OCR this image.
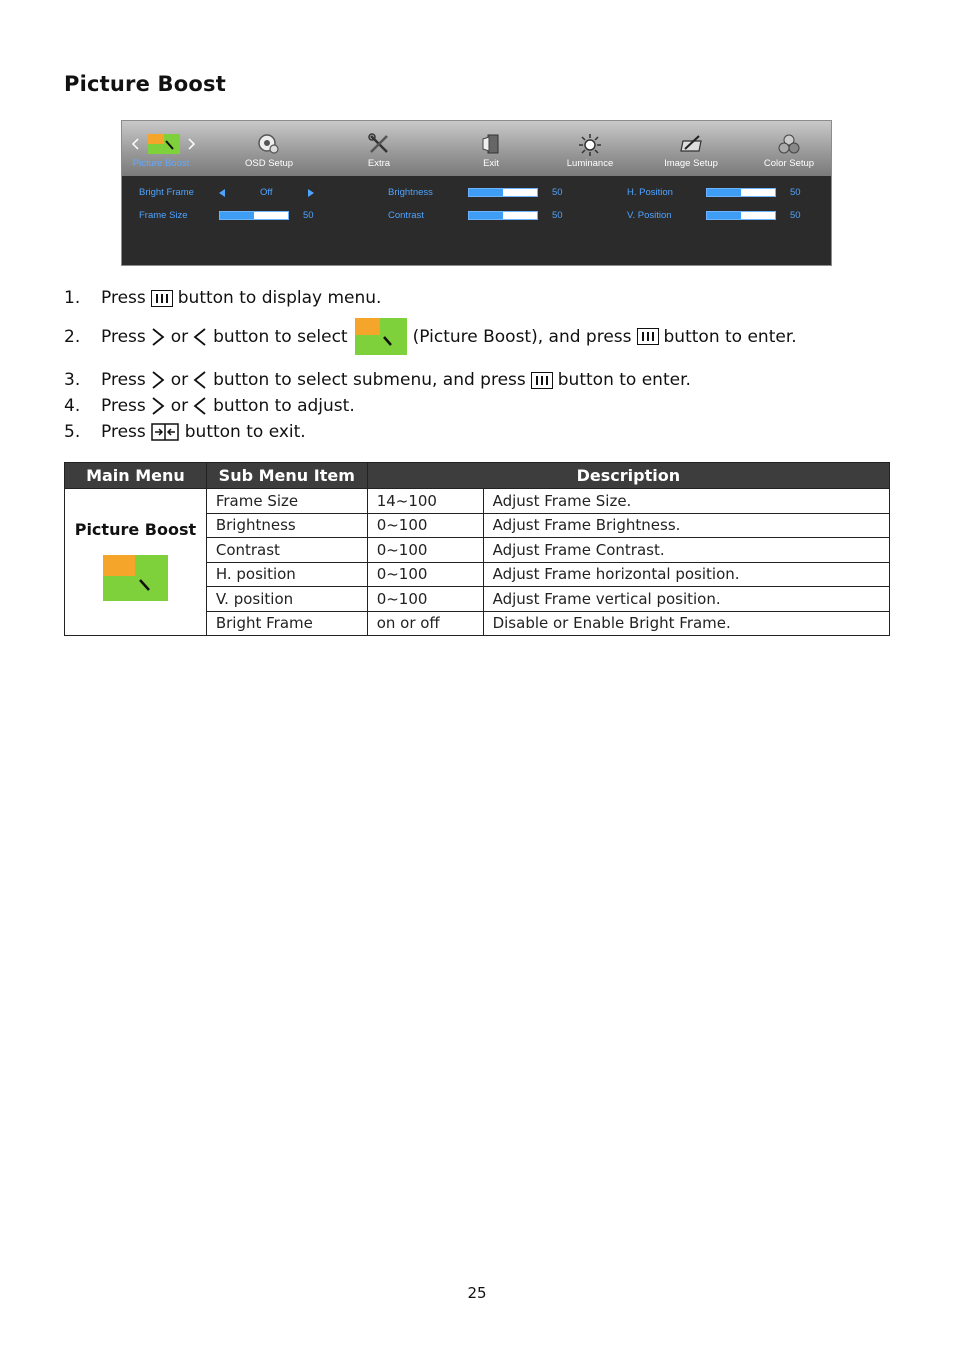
Picture Boost
Picture Boost	OSD Setup	Extra	Exit	Luminance	Image Setup	Color Setup
Bright Frame	Off
Frame Size	50
Brightness	50
Contrast	50
H. Position	50
V. Position	50
1.	Press button to display menu.
2.	Press or button to select	(Picture Boost), and press button to enter.
3.	Press or button to select submenu, and press button to enter.
4.	Press or button to adjust.
5.	Press button to exit.
Main Menu	Sub Menu Item	Description	

Picture Boost	Frame Size	14~100	Adjust Frame Size.
	Brightness	0~100	Adjust Frame Brightness.
	Contrast	0~100	Adjust Frame Contrast.
	H. position	0~100	Adjust Frame horizontal position.
	V. position	0~100	Adjust Frame vertical position.
	Bright Frame	on or off	Disable or Enable Bright Frame.
25
